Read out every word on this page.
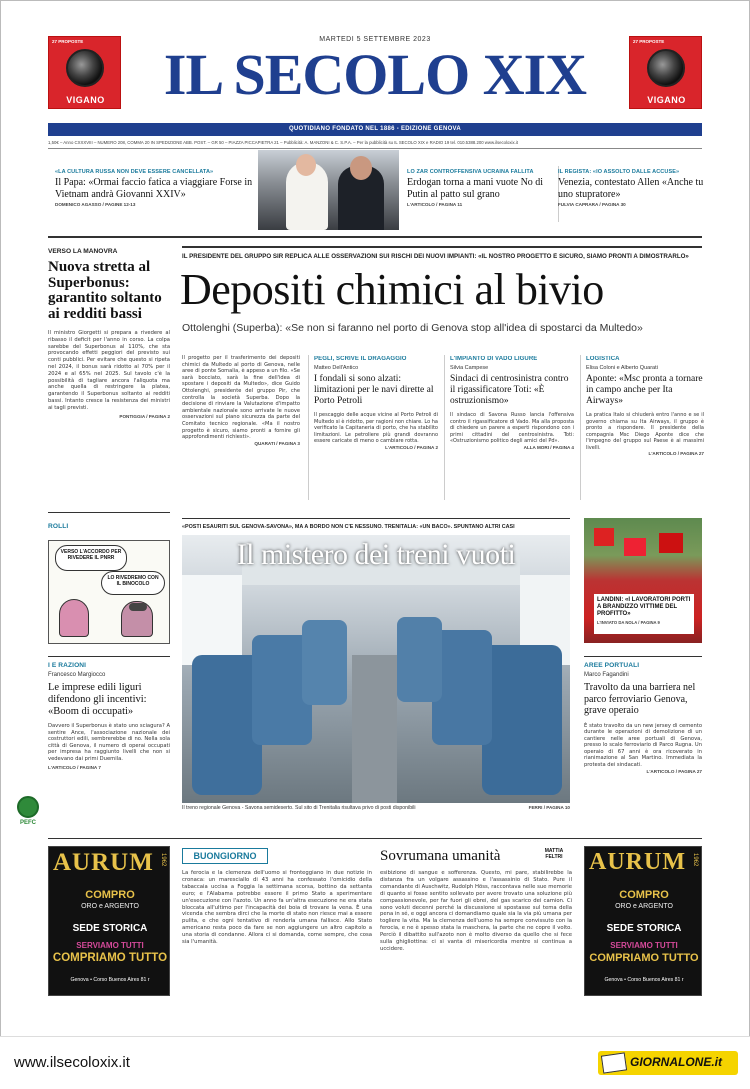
27 PROPOSTE
VIGANO
27 PROPOSTE
VIGANO
MARTEDÌ 5 SETTEMBRE 2023
IL SECOLO XIX
QUOTIDIANO FONDATO NEL 1886 - EDIZIONE GENOVA
1,50€ – Anno CXXXVIII – NUMERO 208, COMMA 20 IN SPEDIZIONE ABB. POST. – GR 50 – PIAZZA PICCAPIETRA 21 – Pubblicità: A. MANZONI & C. S.P.A. – Per la pubblicità su IL SECOLO XIX e RADIO 19 tel. 010.5388.200 www.ilsecoloxix.it
«LA CULTURA RUSSA NON DEVE ESSERE CANCELLATA»
Il Papa: «Ormai faccio fatica a viaggiare Forse in Vietnam andrà Giovanni XXIV»
DOMENICO AGASSO / PAGINE 12-13
LO ZAR CONTROFFENSIVA UCRAINA FALLITA
Erdogan torna a mani vuote No di Putin al patto sul grano
L'ARTICOLO / PAGINA 11
IL REGISTA: «IO ASSOLTO DALLE ACCUSE»
Venezia, contestato Allen «Anche tu uno stupratore»
FULVIA CAPRARA / PAGINA 30
VERSO LA MANOVRA
Nuova stretta al Superbonus: garantito soltanto ai redditi bassi
Il ministro Giorgetti si prepara a rivedere al ribasso il deficit per l'anno in corso. La colpa sarebbe del Superbonus al 110%, che sta provocando effetti peggiori del previsto sui conti pubblici. Per evitare che questo si ripeta nel 2024, il bonus sarà ridotto al 70% per il 2024 e al 65% nel 2025. Sul tavolo c'è la possibilità di tagliare ancora l'aliquota ma anche quella di restringere la platea, garantendo il Superbonus soltanto ai redditi bassi. Intanto cresce la resistenza dei ministri ai tagli previsti.
PONTIGGIA / PAGINA 2
ROLLI
VERSO L'ACCORDO PER RIVEDERE IL PNRR
LO RIVEDREMO CON IL BINOCOLO
I E RAZIONI
Francesco Margiocco
Le imprese edili liguri difendono gli incentivi: «Boom di occupati»
Davvero il Superbonus è stato uno sciagura? A sentire Ance, l'associazione nazionale dei costruttori edili, sembrerebbe di no. Nella sola città di Genova, il numero di operai occupati per impresa ha raggiunto livelli che non si vedevano dai primi Duemila.
L'ARTICOLO / PAGINA 7
PEFC
IL PRESIDENTE DEL GRUPPO SIR REPLICA ALLE OSSERVAZIONI SUI RISCHI DEI NUOVI IMPIANTI: «IL NOSTRO PROGETTO È SICURO, SIAMO PRONTI A DIMOSTRARLO»
Depositi chimici al bivio
Ottolenghi (Superba): «Se non si faranno nel porto di Genova stop all'idea di spostarci da Multedo»
Il progetto per il trasferimento dei depositi chimici da Multedo al porto di Genova, nelle aree di ponte Somalia, è appeso a un filo. «Se sarà bocciato, sarà la fine dell'idea di spostare i depositi da Multedo», dice Guido Ottolenghi, presidente del gruppo Pir, che controlla la società Superba. Dopo la decisione di rinviare la Valutazione d'impatto ambientale nazionale sono arrivate le nuove osservazioni sul piano sicurezza da parte del Comitato tecnico regionale. «Ma il nostro progetto è sicuro, siamo pronti a fornire gli approfondimenti richiesti».
QUARATI / PAGINA 3
PEGLI, SCRIVE IL DRAGAGGIO
Matteo Dell'Antico
I fondali si sono alzati: limitazioni per le navi dirette al Porto Petroli
Il pescaggio delle acque vicine al Porto Petroli di Multedo si è ridotto, per ragioni non chiare. Lo ha verificato la Capitaneria di porto, che ha stabilito limitazioni. Le petroliere più grandi dovranno essere caricate di meno o cambiare rotta.
L'ARTICOLO / PAGINA 2
L'IMPIANTO DI VADO LIGURE
Silvia Campese
Sindaci di centrosinistra contro il rigassificatore Toti: «È ostruzionismo»
Il sindaco di Savona Russo lancia l'offensiva contro il rigassificatore di Vado. Ma alla proposta di chiedere un parere a esperti rispondono con i primi cittadini del centrosinistra. Toti: «Ostruzionismo politico degli amici del Pd».
ALLA MORI / PAGINA 4
LOGISTICA
Elisa Coloni e Alberto Quarati
Aponte: «Msc pronta a tornare in campo anche per Ita Airways»
La pratica Italo si chiuderà entro l'anno e se il governo chiama su Ita Airways, il gruppo è pronto a rispondere. Il presidente della compagnia Msc Diego Aponte dice che l'impegno del gruppo sul Paese è ai massimi livelli.
L'ARTICOLO / PAGINA 27
«POSTI ESAURITI SUL GENOVA-SAVONA», MA A BORDO NON C'È NESSUNO. TRENITALIA: «UN BACO». SPUNTANO ALTRI CASI
Il mistero dei treni vuoti
Il treno regionale Genova - Savona semideserto. Sul sito di Trenitalia risultava privo di posti disponibili	FERRI / PAGINA 10
LANDINI: «I LAVORATORI PORTI A BRANDIZZO VITTIME DEL PROFITTO»
L'INVIATO DA NOLA / PAGINA 9
AREE PORTUALI
Marco Fagandini
Travolto da una barriera nel parco ferroviario Genova, grave operaio
È stato travolto da un new jersey di cemento durante le operazioni di demolizione di un cantiere nelle aree portuali di Genova, presso lo scalo ferroviario di Parco Rugna. Un operaio di 67 anni è ora ricoverato in rianimazione al San Martino. Immediata la protesta dei sindacati.
L'ARTICOLO / PAGINA 27
AURUM 1962
COMPRO
ORO e ARGENTO
SEDE STORICA
SERVIAMO TUTTI
COMPRIAMO TUTTO
Genova • Corso Buenos Aires 81 r
BUONGIORNO
La ferocia e la clemenza dell'uomo si fronteggiano in due notizie in cronaca: un maresciallo di 43 anni ha confessato l'omicidio della tabaccaia uccisa a Foggia la settimana scorsa, bottino da settanta euro; e l'Alabama potrebbe essere il primo Stato a sperimentare un'esecuzione con l'azoto. Un anno fa un'altra esecuzione ne era stata bloccata all'ultimo per l'incapacità dei boia di trovare la vena. È una vicenda che sembra dirci che la morte di stato non riesce mai a essere pulita, e che ogni tentativo di renderla umana fallisce. Allo Stato americano resta poco da fare se non aggiungere un altro capitolo a una storia di condanne. Allora ci si domanda, come sempre, che cosa sia l'umanità.
Sovrumana umanità	MATTIA
FELTRI
esibizione di sangue e sofferenza. Questo, mi pare, stabilirebbe la distanza fra un volgare assassino e l'assassinio di Stato. Pure il comandante di Auschwitz, Rudolph Höss, raccontava nelle sue memorie di quanto si fosse sentito sollevato per avere trovato una soluzione più compassionevole, per far fuori gli ebrei, del gas scarico dei camion. Ci sono voluti decenni perché la discussione si spostasse sul tema della pena in sé, e oggi ancora ci domandiamo quale sia la via più umana per togliere la vita. Ma la clemenza dell'uomo ha sempre convissuto con la ferocia, e ne è spesso stata la maschera, la parte che ne copre il volto. Perciò il dibattito sull'azoto non è molto diverso da quello che si fece sulla ghigliottina: ci si vanta di misericordia mentre si continua a uccidere.
AURUM 1962
COMPRO
ORO e ARGENTO
SEDE STORICA
SERVIAMO TUTTI
COMPRIAMO TUTTO
Genova • Corso Buenos Aires 81 r
www.ilsecoloxix.it	GIORNALONE.it
